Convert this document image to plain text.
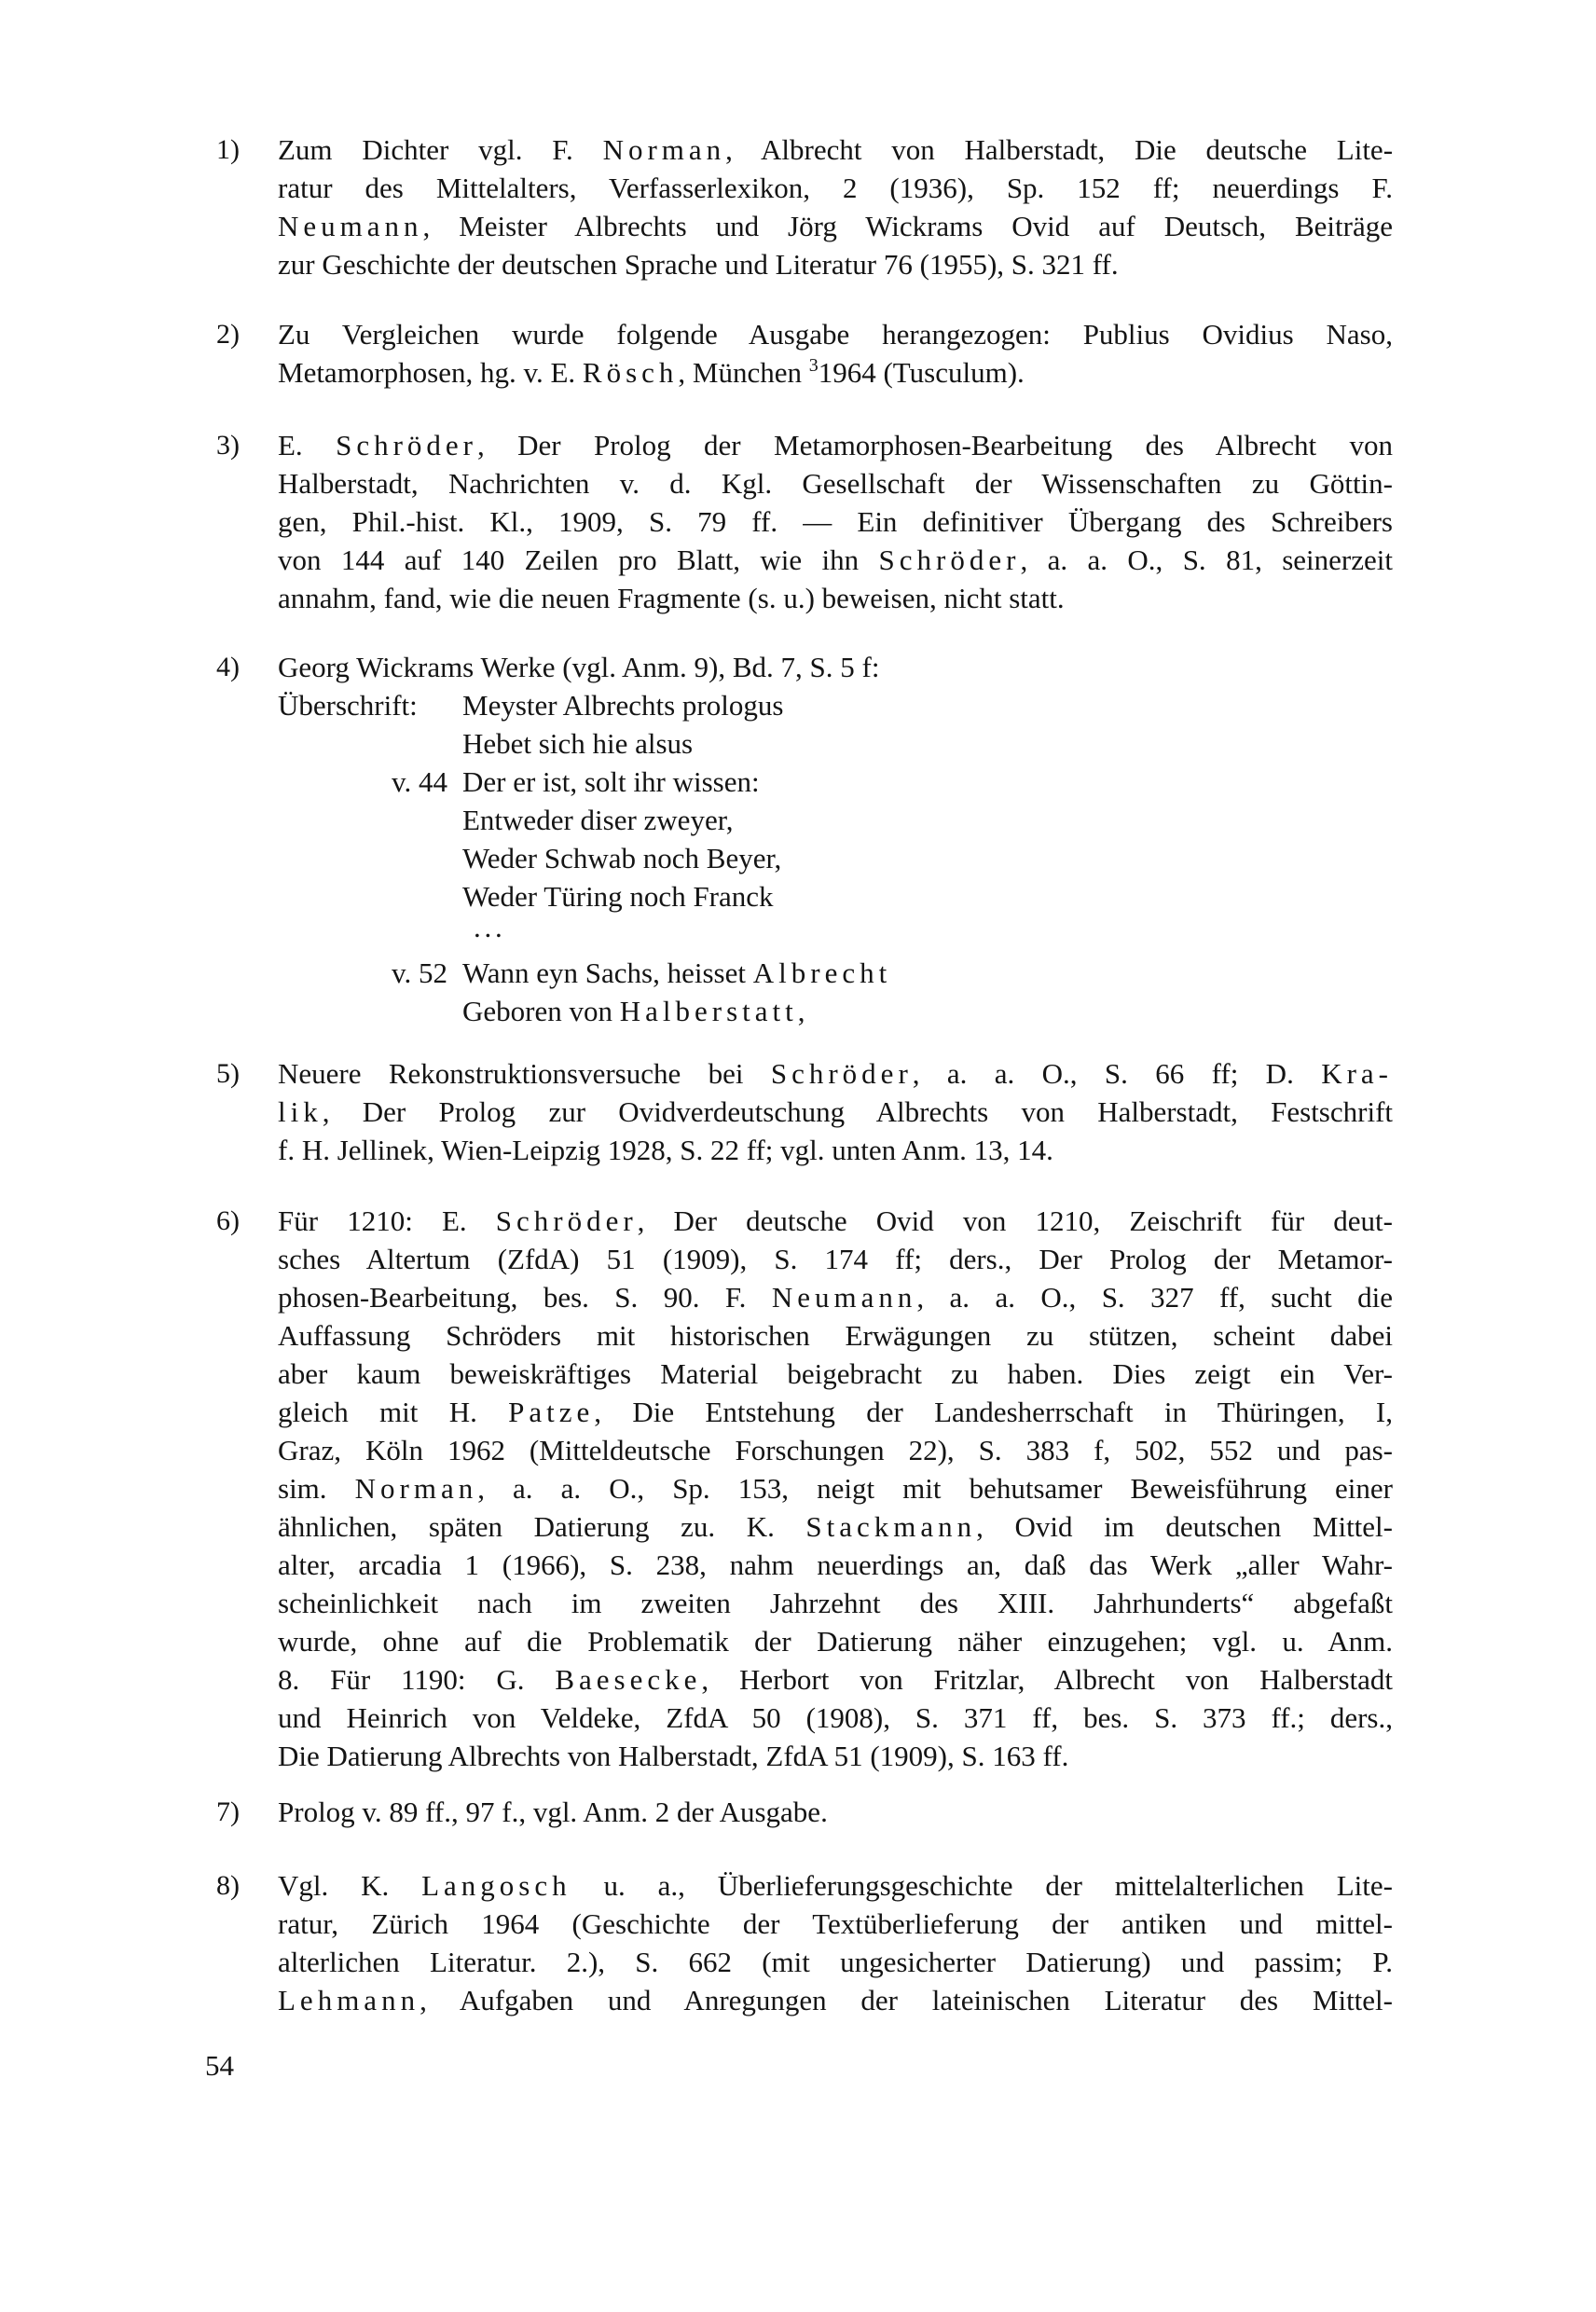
1)	Zum Dichter vgl. F. Norman, Albrecht von Halberstadt, Die deutsche Lite-
ratur des Mittelalters, Verfasserlexikon, 2 (1936), Sp. 152 ff; neuerdings F.
Neumann, Meister Albrechts und Jörg Wickrams Ovid auf Deutsch, Beiträge
zur Geschichte der deutschen Sprache und Literatur 76 (1955), S. 321 ff.
2)	Zu Vergleichen wurde folgende Ausgabe herangezogen: Publius Ovidius Naso,
Metamorphosen, hg. v. E. Rösch, München $^3$1964 (Tusculum).
3)	E. Schröder, Der Prolog der Metamorphosen-Bearbeitung des Albrecht von
Halberstadt, Nachrichten v. d. Kgl. Gesellschaft der Wissenschaften zu Göttin-
gen, Phil.-hist. Kl., 1909, S. 79 ff. — Ein definitiver Übergang des Schreibers
von 144 auf 140 Zeilen pro Blatt, wie ihn Schröder, a. a. O., S. 81, seinerzeit
annahm, fand, wie die neuen Fragmente (s. u.) beweisen, nicht statt.
4)	Georg Wickrams Werke (vgl. Anm. 9), Bd. 7, S. 5 f:
Überschrift: Meyster Albrechts prologus
Hebet sich hie alsus
v. 44 Der er ist, solt ihr wissen:
Entweder diser zweyer,
Weder Schwab noch Beyer,
Weder Türing noch Franck
. . .
v. 52 Wann eyn Sachs, heisset Albrecht
Geboren von Halberstatt,
5)	Neuere Rekonstruktionsversuche bei Schröder, a. a. O., S. 66 ff; D. Kra-
lik, Der Prolog zur Ovidverdeutschung Albrechts von Halberstadt, Festschrift
f. H. Jellinek, Wien-Leipzig 1928, S. 22 ff; vgl. unten Anm. 13, 14.
6)	Für 1210: E. Schröder, Der deutsche Ovid von 1210, Zeischrift für deut-
sches Altertum (ZfdA) 51 (1909), S. 174 ff; ders., Der Prolog der Metamor-
phosen-Bearbeitung, bes. S. 90. F. Neumann, a. a. O., S. 327 ff, sucht die
Auffassung Schröders mit historischen Erwägungen zu stützen, scheint dabei
aber kaum beweiskräftiges Material beigebracht zu haben. Dies zeigt ein Ver-
gleich mit H. Patze, Die Entstehung der Landesherrschaft in Thüringen, I,
Graz, Köln 1962 (Mitteldeutsche Forschungen 22), S. 383 f, 502, 552 und pas-
sim. Norman, a. a. O., Sp. 153, neigt mit behutsamer Beweisführung einer
ähnlichen, späten Datierung zu. K. Stackmann, Ovid im deutschen Mittel-
alter, arcadia 1 (1966), S. 238, nahm neuerdings an, daß das Werk „aller Wahr-
scheinlichkeit nach im zweiten Jahrzehnt des XIII. Jahrhunderts“ abgefaßt
wurde, ohne auf die Problematik der Datierung näher einzugehen; vgl. u. Anm.
8. Für 1190: G. Baesecke, Herbort von Fritzlar, Albrecht von Halberstadt
und Heinrich von Veldeke, ZfdA 50 (1908), S. 371 ff, bes. S. 373 ff.; ders.,
Die Datierung Albrechts von Halberstadt, ZfdA 51 (1909), S. 163 ff.
7)	Prolog v. 89 ff., 97 f., vgl. Anm. 2 der Ausgabe.
8)	Vgl. K. Langosch u. a., Überlieferungsgeschichte der mittelalterlichen Lite-
ratur, Zürich 1964 (Geschichte der Textüberlieferung der antiken und mittel-
alterlichen Literatur. 2.), S. 662 (mit ungesicherter Datierung) und passim; P.
Lehmann, Aufgaben und Anregungen der lateinischen Literatur des Mittel-
54
